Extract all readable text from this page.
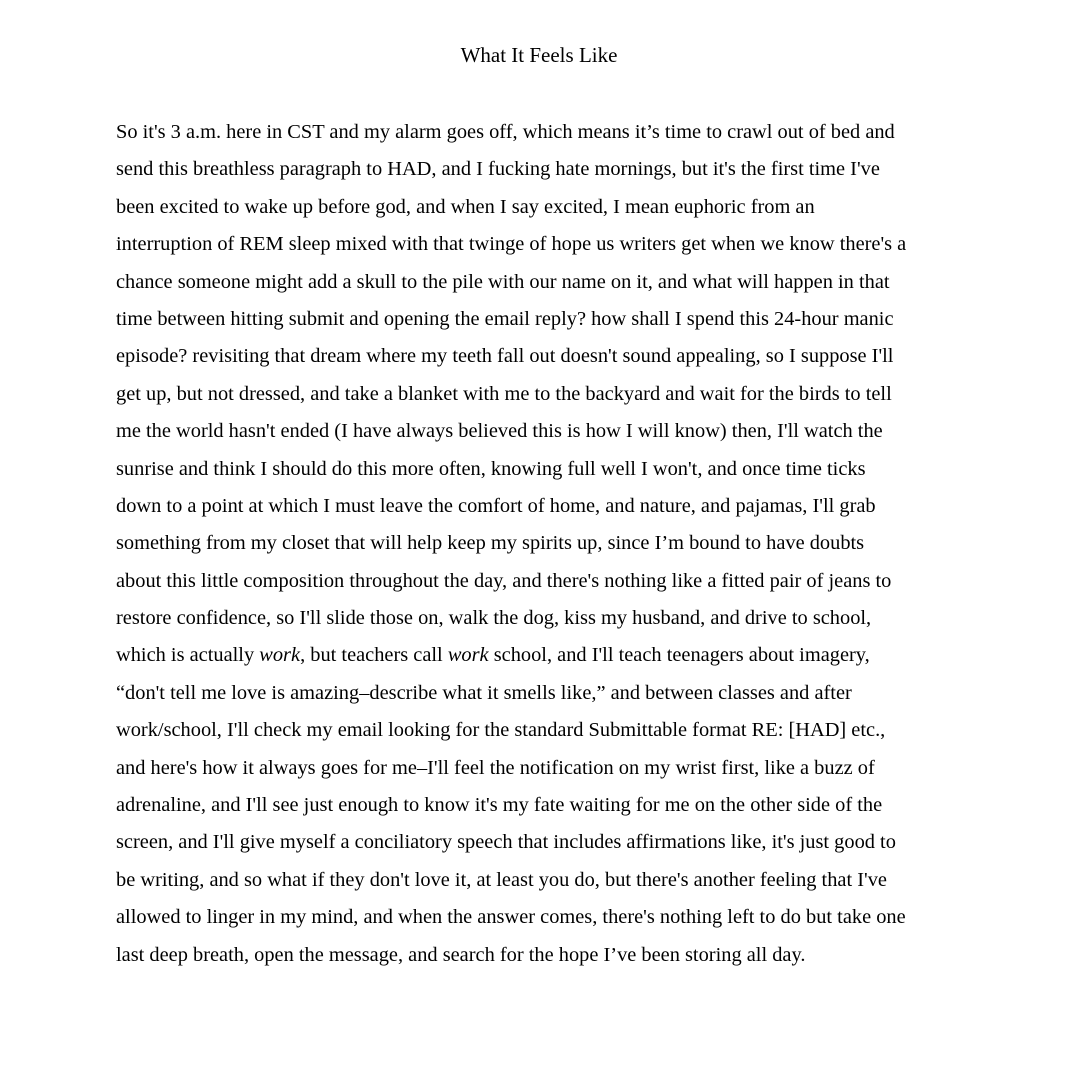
What It Feels Like
So it's 3 a.m. here in CST and my alarm goes off, which means it’s time to crawl out of bed and
send this breathless paragraph to HAD, and I fucking hate mornings, but it's the first time I've
been excited to wake up before god, and when I say excited, I mean euphoric from an
interruption of REM sleep mixed with that twinge of hope us writers get when we know there's a
chance someone might add a skull to the pile with our name on it, and what will happen in that
time between hitting submit and opening the email reply? how shall I spend this 24-hour manic
episode? revisiting that dream where my teeth fall out doesn't sound appealing, so I suppose I'll
get up, but not dressed, and take a blanket with me to the backyard and wait for the birds to tell
me the world hasn't ended (I have always believed this is how I will know) then, I'll watch the
sunrise and think I should do this more often, knowing full well I won't, and once time ticks
down to a point at which I must leave the comfort of home, and nature, and pajamas, I'll grab
something from my closet that will help keep my spirits up, since I’m bound to have doubts
about this little composition throughout the day, and there's nothing like a fitted pair of jeans to
restore confidence, so I'll slide those on, walk the dog, kiss my husband, and drive to school,
which is actually work, but teachers call work school, and I'll teach teenagers about imagery,
“don't tell me love is amazing–describe what it smells like,” and between classes and after
work/school, I'll check my email looking for the standard Submittable format RE: [HAD] etc.,
and here's how it always goes for me–I'll feel the notification on my wrist first, like a buzz of
adrenaline, and I'll see just enough to know it's my fate waiting for me on the other side of the
screen, and I'll give myself a conciliatory speech that includes affirmations like, it's just good to
be writing, and so what if they don't love it, at least you do, but there's another feeling that I've
allowed to linger in my mind, and when the answer comes, there's nothing left to do but take one
last deep breath, open the message, and search for the hope I’ve been storing all day.
